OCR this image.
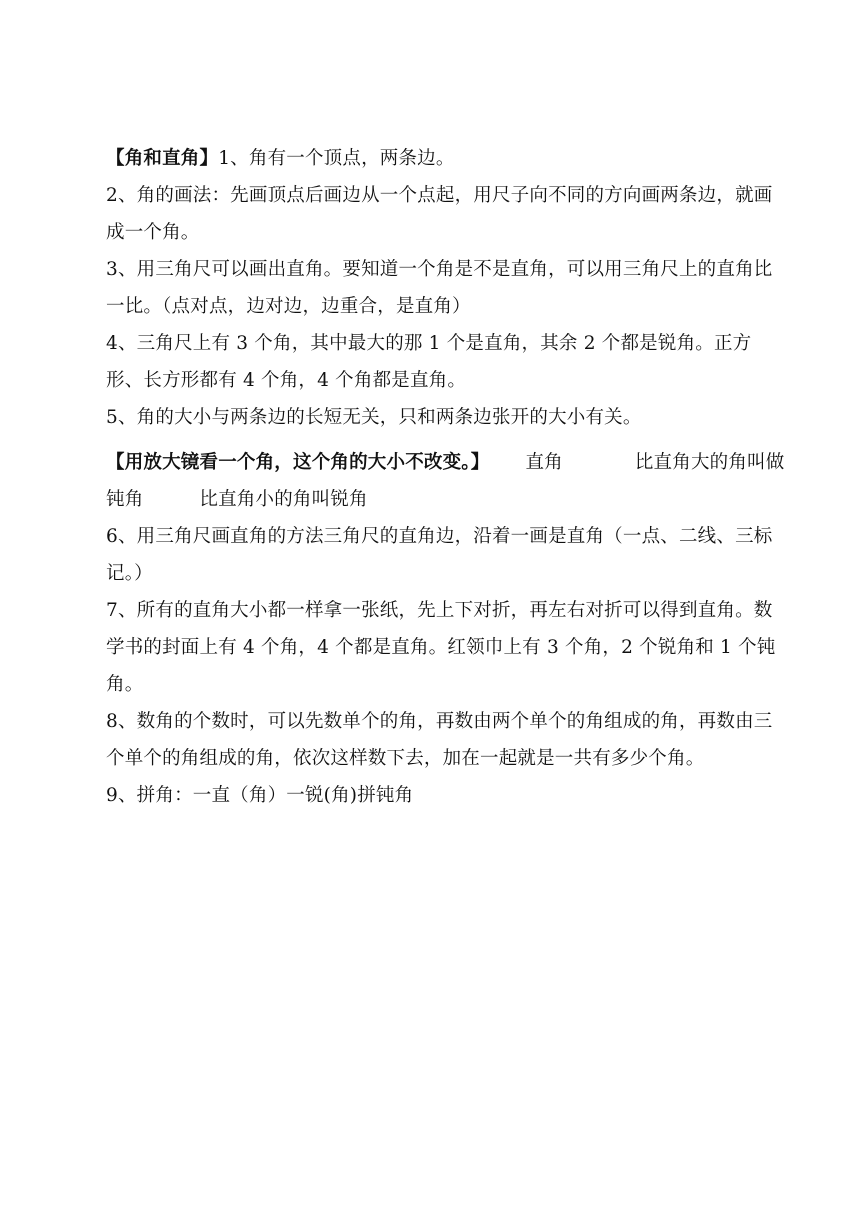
【角和直角】1、角有一个顶点，两条边。

2、角的画法：先画顶点后画边从一个点起，用尺子向不同的方向画两条边，就画成一个角。

3、用三角尺可以画出直角。要知道一个角是不是直角，可以用三角尺上的直角比一比。（点对点，边对边，边重合，是直角）

4、三角尺上有 3 个角，其中最大的那 1 个是直角，其余 2 个都是锐角。正方形、长方形都有 4 个角，4 个角都是直角。

5、角的大小与两条边的长短无关，只和两条边张开的大小有关。

【用放大镜看一个角，这个角的大小不改变。】 直角	比直角大的角叫做钝角	比直角小的角叫锐角

6、用三角尺画直角的方法三角尺的直角边，沿着一画是直角（一点、二线、三标记。）

7、所有的直角大小都一样拿一张纸，先上下对折，再左右对折可以得到直角。数学书的封面上有 4 个角，4 个都是直角。红领巾上有 3 个角，2 个锐角和 1 个钝角。

8、数角的个数时，可以先数单个的角，再数由两个单个的角组成的角，再数由三个单个的角组成的角，依次这样数下去，加在一起就是一共有多少个角。

9、拼角：一直（角）一锐(角)拼钝角
